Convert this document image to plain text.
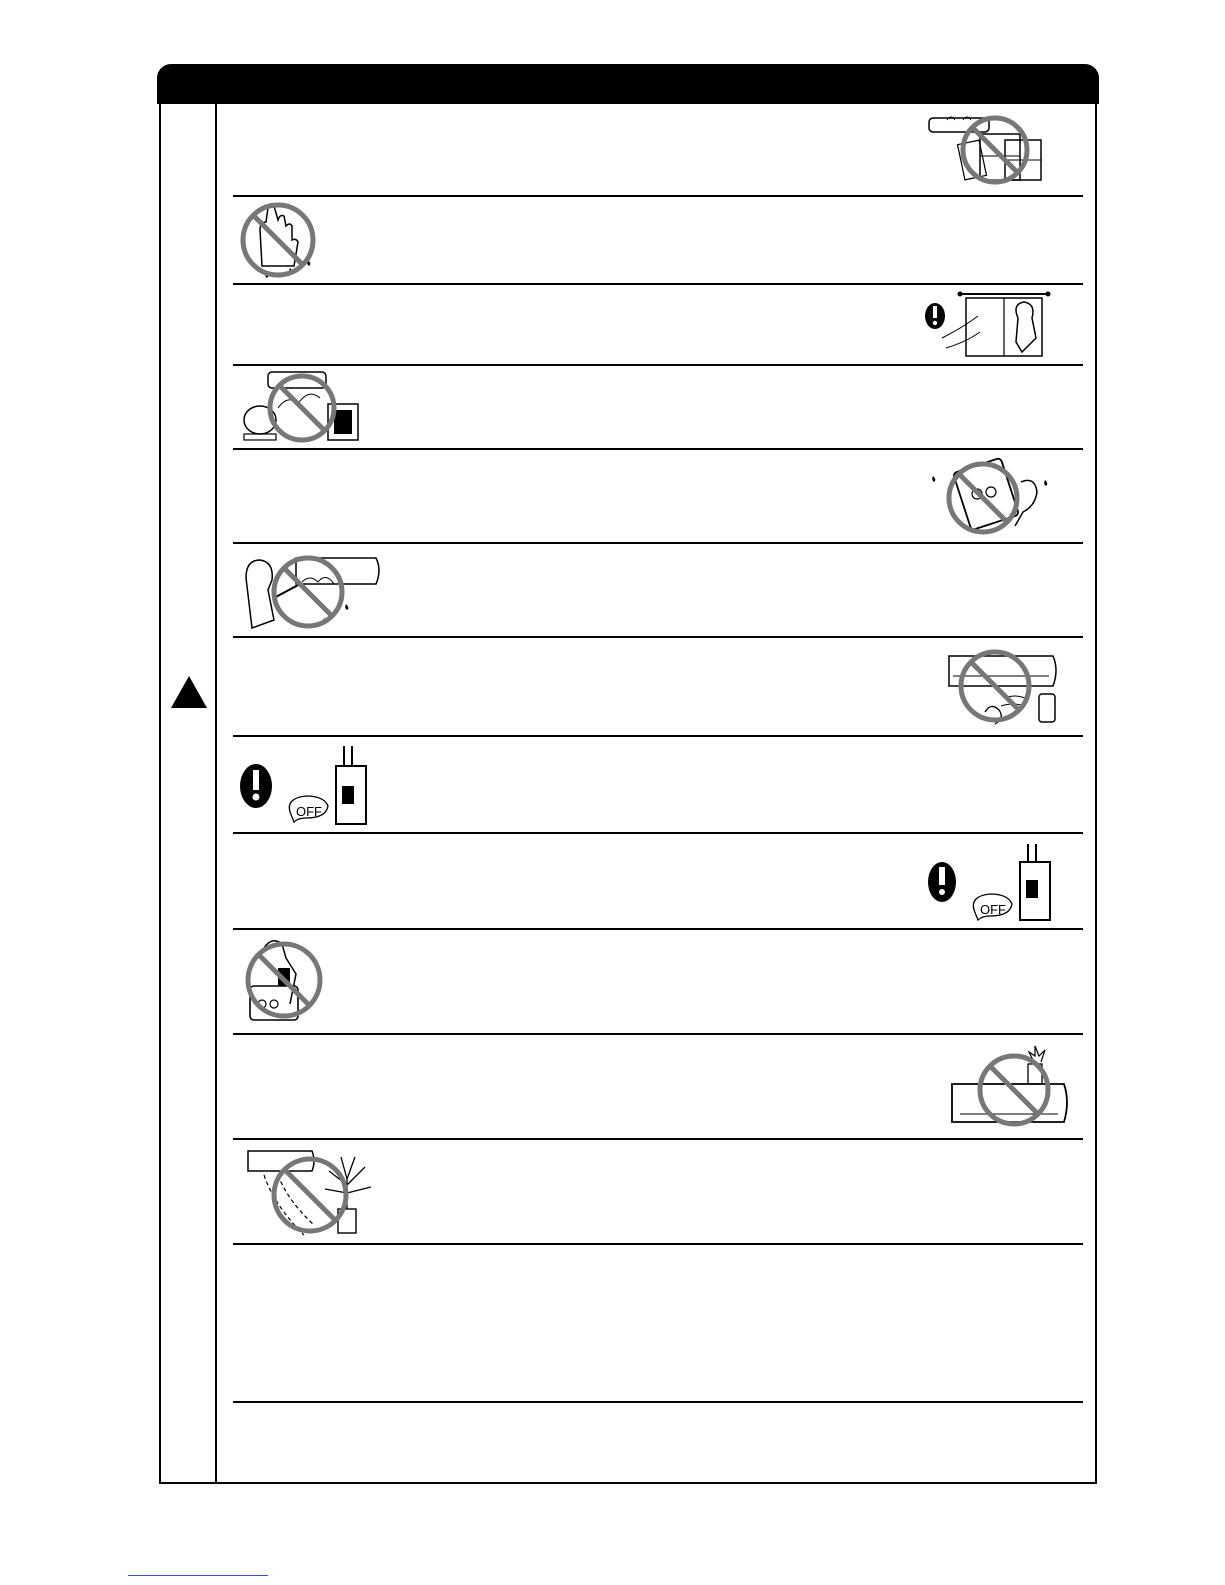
OFF
OFF
